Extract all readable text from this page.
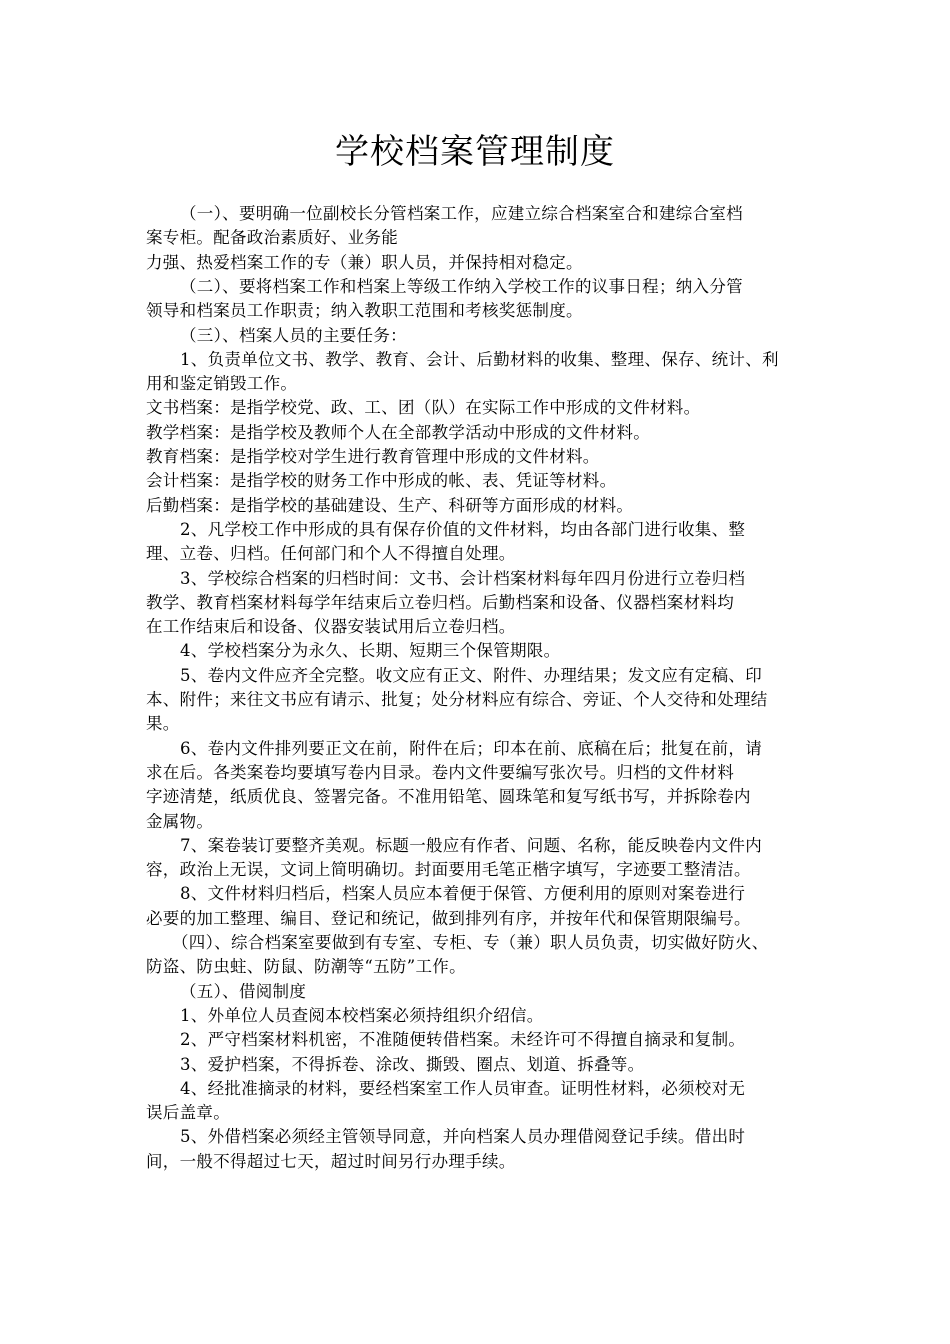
学校档案管理制度
（一）、要明确一位副校长分管档案工作，应建立综合档案室合和建综合室档
案专柜。配备政治素质好、业务能
力强、热爱档案工作的专（兼）职人员，并保持相对稳定。
（二）、要将档案工作和档案上等级工作纳入学校工作的议事日程；纳入分管
领导和档案员工作职责；纳入教职工范围和考核奖惩制度。
（三）、档案人员的主要任务：
1、负责单位文书、教学、教育、会计、后勤材料的收集、整理、保存、统计、利
用和鉴定销毁工作。
文书档案：是指学校党、政、工、团（队）在实际工作中形成的文件材料。
教学档案：是指学校及教师个人在全部教学活动中形成的文件材料。
教育档案：是指学校对学生进行教育管理中形成的文件材料。
会计档案：是指学校的财务工作中形成的帐、表、凭证等材料。
后勤档案：是指学校的基础建设、生产、科研等方面形成的材料。
2、凡学校工作中形成的具有保存价值的文件材料，均由各部门进行收集、整
理、立卷、归档。任何部门和个人不得擅自处理。
3、学校综合档案的归档时间：文书、会计档案材料每年四月份进行立卷归档
教学、教育档案材料每学年结束后立卷归档。后勤档案和设备、仪器档案材料均
在工作结束后和设备、仪器安装试用后立卷归档。
4、学校档案分为永久、长期、短期三个保管期限。
5、卷内文件应齐全完整。收文应有正文、附件、办理结果；发文应有定稿、印
本、附件；来往文书应有请示、批复；处分材料应有综合、旁证、个人交待和处理结
果。
6、卷内文件排列要正文在前，附件在后；印本在前、底稿在后；批复在前，请
求在后。各类案卷均要填写卷内目录。卷内文件要编写张次号。归档的文件材料
字迹清楚，纸质优良、签署完备。不准用铅笔、圆珠笔和复写纸书写，并拆除卷内
金属物。
7、案卷装订要整齐美观。标题一般应有作者、问题、名称，能反映卷内文件内
容，政治上无误，文词上简明确切。封面要用毛笔正楷字填写，字迹要工整清洁。
8、文件材料归档后，档案人员应本着便于保管、方便利用的原则对案卷进行
必要的加工整理、编目、登记和统记，做到排列有序，并按年代和保管期限编号。
（四）、综合档案室要做到有专室、专柜、专（兼）职人员负责，切实做好防火、
防盗、防虫蛀、防鼠、防潮等“五防”工作。
（五）、借阅制度
1、外单位人员查阅本校档案必须持组织介绍信。
2、严守档案材料机密，不准随便转借档案。未经许可不得擅自摘录和复制。
3、爱护档案，不得拆卷、涂改、撕毁、圈点、划道、拆叠等。
4、经批准摘录的材料，要经档案室工作人员审查。证明性材料，必须校对无
误后盖章。
5、外借档案必须经主管领导同意，并向档案人员办理借阅登记手续。借出时
间，一般不得超过七天，超过时间另行办理手续。
